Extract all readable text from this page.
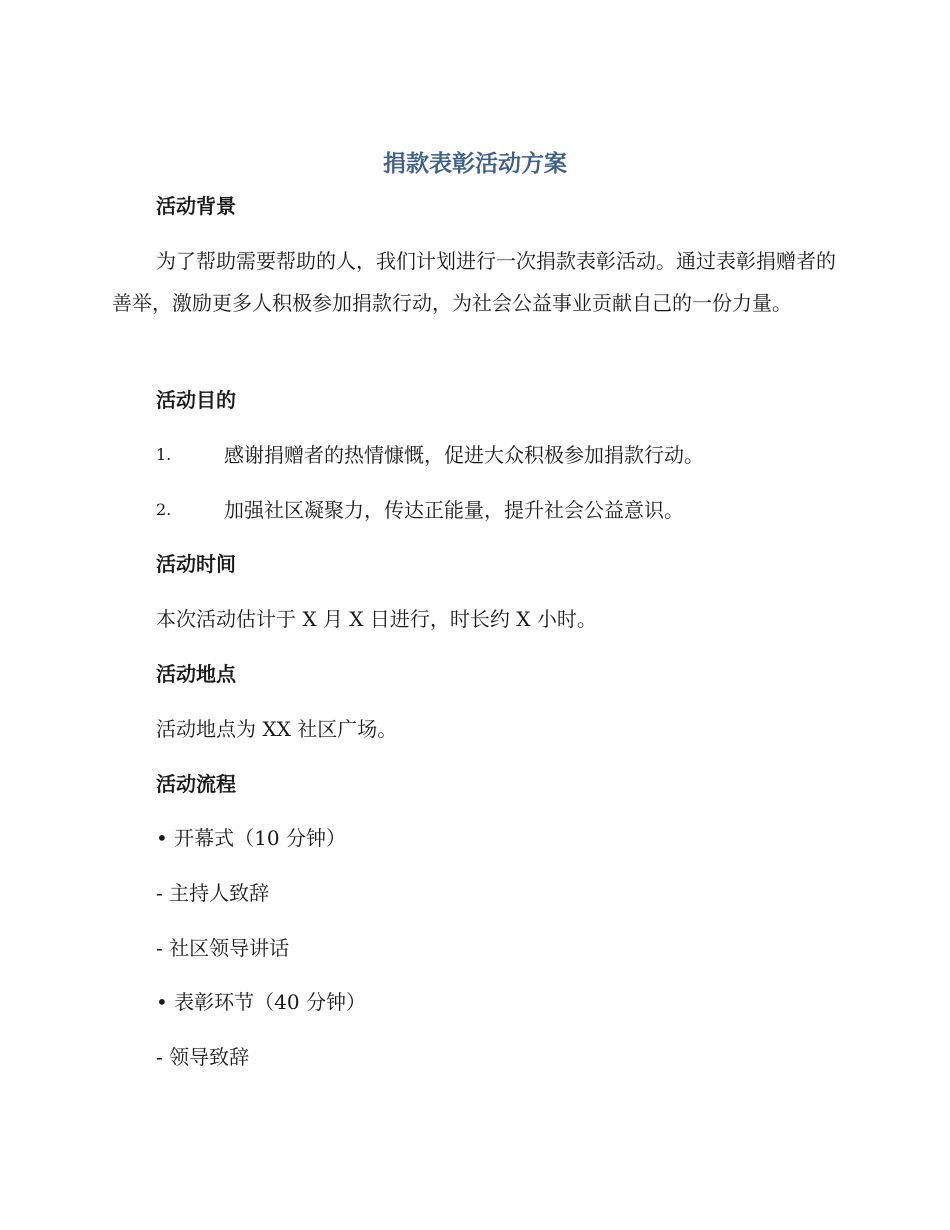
捐款表彰活动方案
活动背景
为了帮助需要帮助的人，我们计划进行一次捐款表彰活动。通过表彰捐赠者的善举，激励更多人积极参加捐款行动，为社会公益事业贡献自己的一份力量。
活动目的
1.	感谢捐赠者的热情慷慨，促进大众积极参加捐款行动。
2.	加强社区凝聚力，传达正能量，提升社会公益意识。
活动时间
本次活动估计于 X 月 X 日进行，时长约 X 小时。
活动地点
活动地点为 XX 社区广场。
活动流程
• 开幕式（10 分钟）
- 主持人致辞
- 社区领导讲话
• 表彰环节（40 分钟）
- 领导致辞
